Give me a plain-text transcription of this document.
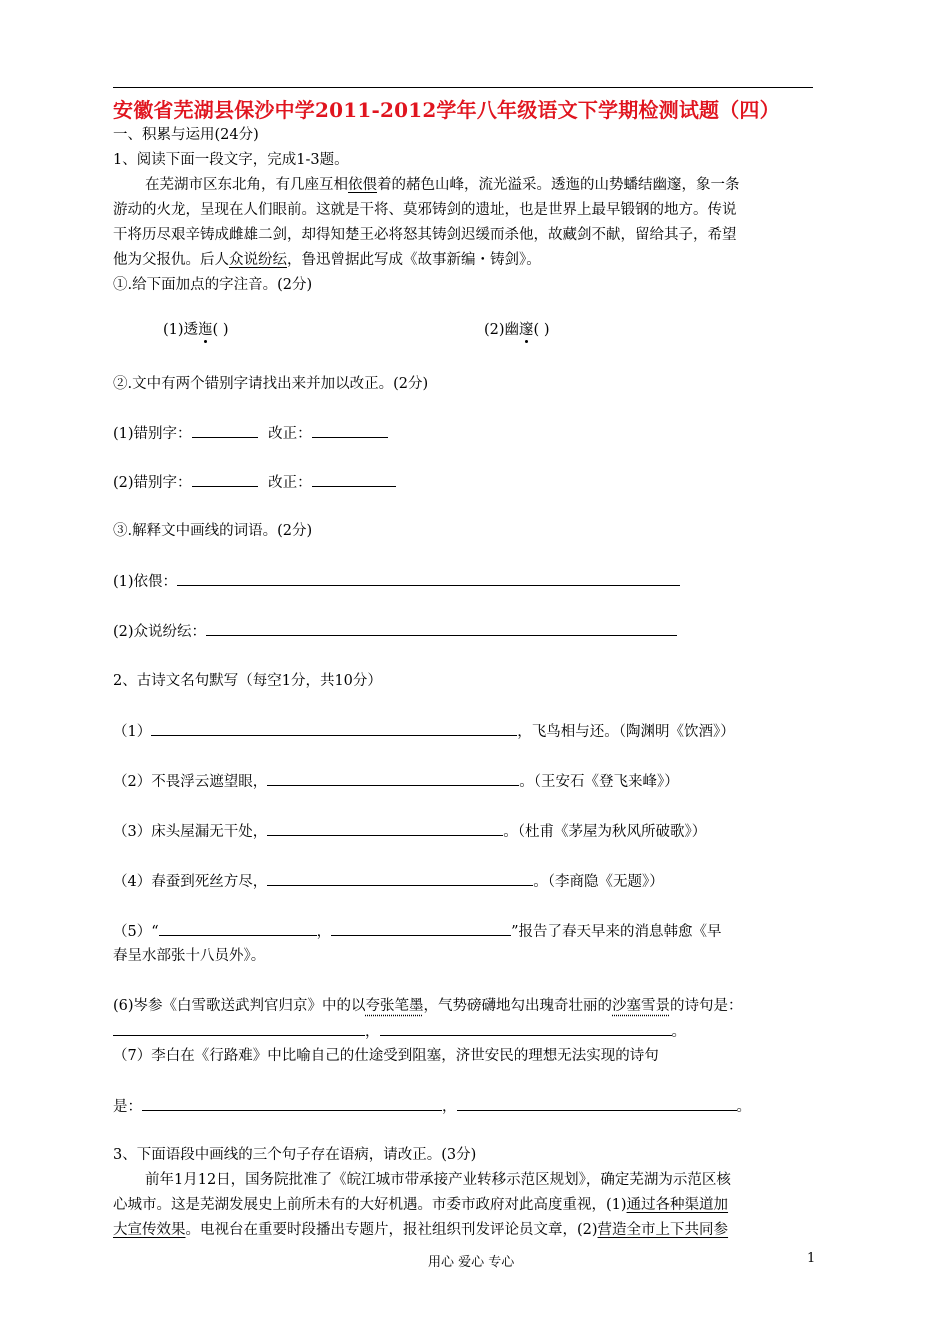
安徽省芜湖县保沙中学2011-2012学年八年级语文下学期检测试题（四）
一、积累与运用(24分)
1、阅读下面一段文字，完成1-3题。
在芜湖市区东北角，有几座互相依偎着的赭色山峰，流光溢采。透迤的山势蟠结幽邃，象一条
游动的火龙，呈现在人们眼前。这就是干将、莫邪铸剑的遗址，也是世界上最早锻钢的地方。传说
干将历尽艰辛铸成雌雄二剑，却得知楚王必将怒其铸剑迟缓而杀他，故藏剑不献，留给其子，希望
他为父报仇。后人众说纷纭，鲁迅曾据此写成《故事新编・铸剑》。
①.给下面加点的字注音。(2分)
(1)透迤( )	(2)幽邃( )
②.文中有两个错别字请找出来并加以改正。(2分)
(1)错别字：	改正：
(2)错别字：	改正：
③.解释文中画线的词语。(2分)
(1)依偎：
(2)众说纷纭：
2、古诗文名句默写（每空1分，共10分）
（1）	，飞鸟相与还。（陶渊明《饮酒》）
（2）不畏浮云遮望眼，	。（王安石《登飞来峰》）
（3）床头屋漏无干处，	。（杜甫《茅屋为秋风所破歌》）
（4）春蚕到死丝方尽，	。（李商隐《无题》）
（5）“	，	”报告了春天早来的消息韩愈《早
春呈水部张十八员外》。
(6)岑参《白雪歌送武判官归京》中的以夸张笔墨，气势磅礴地勾出瑰奇壮丽的沙塞雪景的诗句是：
，	。
（7）李白在《行路难》中比喻自己的仕途受到阻塞，济世安民的理想无法实现的诗句
是：	，	。
3、下面语段中画线的三个句子存在语病，请改正。(3分)
前年1月12日，国务院批准了《皖江城市带承接产业转移示范区规划》，确定芜湖为示范区核
心城市。这是芜湖发展史上前所未有的大好机遇。市委市政府对此高度重视，(1)通过各种渠道加
大宣传效果。电视台在重要时段播出专题片，报社组织刊发评论员文章，(2)营造全市上下共同参
用心 爱心 专心	1
